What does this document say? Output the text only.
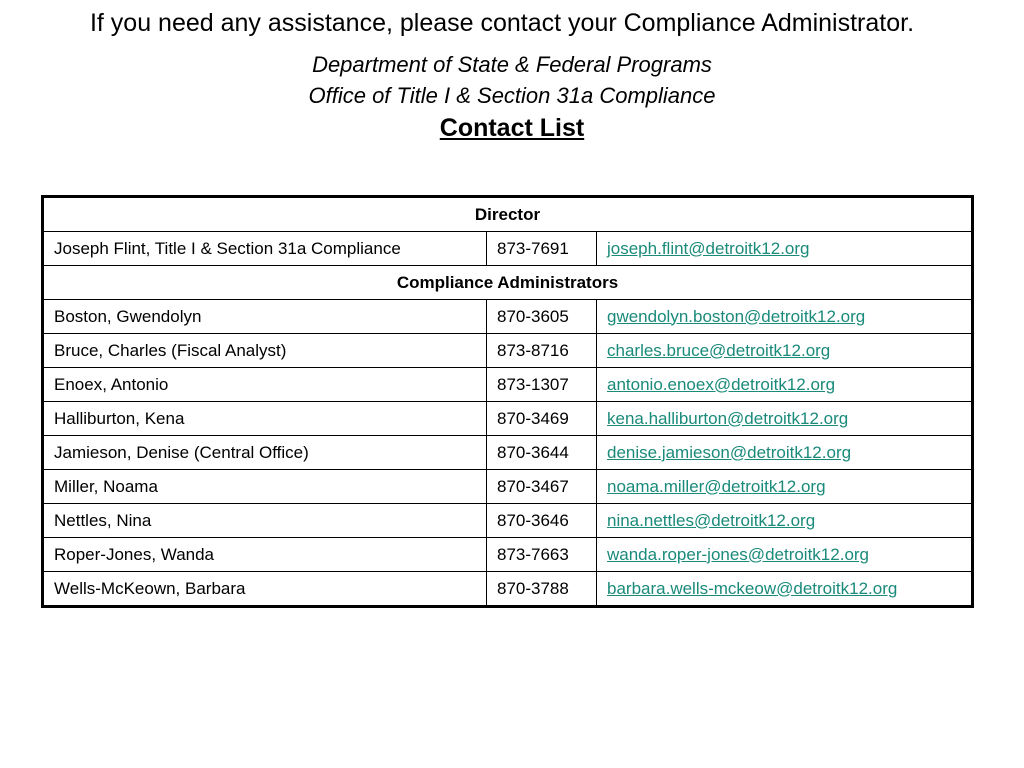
If you need any assistance, please contact your Compliance Administrator.
Department of State & Federal Programs
Office of Title I & Section 31a Compliance
Contact List
Director		
Joseph Flint, Title I & Section 31a Compliance	873-7691	joseph.flint@detroitk12.org
Compliance Administrators		
Boston, Gwendolyn	870-3605	gwendolyn.boston@detroitk12.org
Bruce, Charles (Fiscal Analyst)	873-8716	charles.bruce@detroitk12.org
Enoex, Antonio	873-1307	antonio.enoex@detroitk12.org
Halliburton, Kena	870-3469	kena.halliburton@detroitk12.org
Jamieson, Denise (Central Office)	870-3644	denise.jamieson@detroitk12.org
Miller, Noama	870-3467	noama.miller@detroitk12.org
Nettles, Nina	870-3646	nina.nettles@detroitk12.org
Roper-Jones, Wanda	873-7663	wanda.roper-jones@detroitk12.org
Wells-McKeown, Barbara	870-3788	barbara.wells-mckeow@detroitk12.org
